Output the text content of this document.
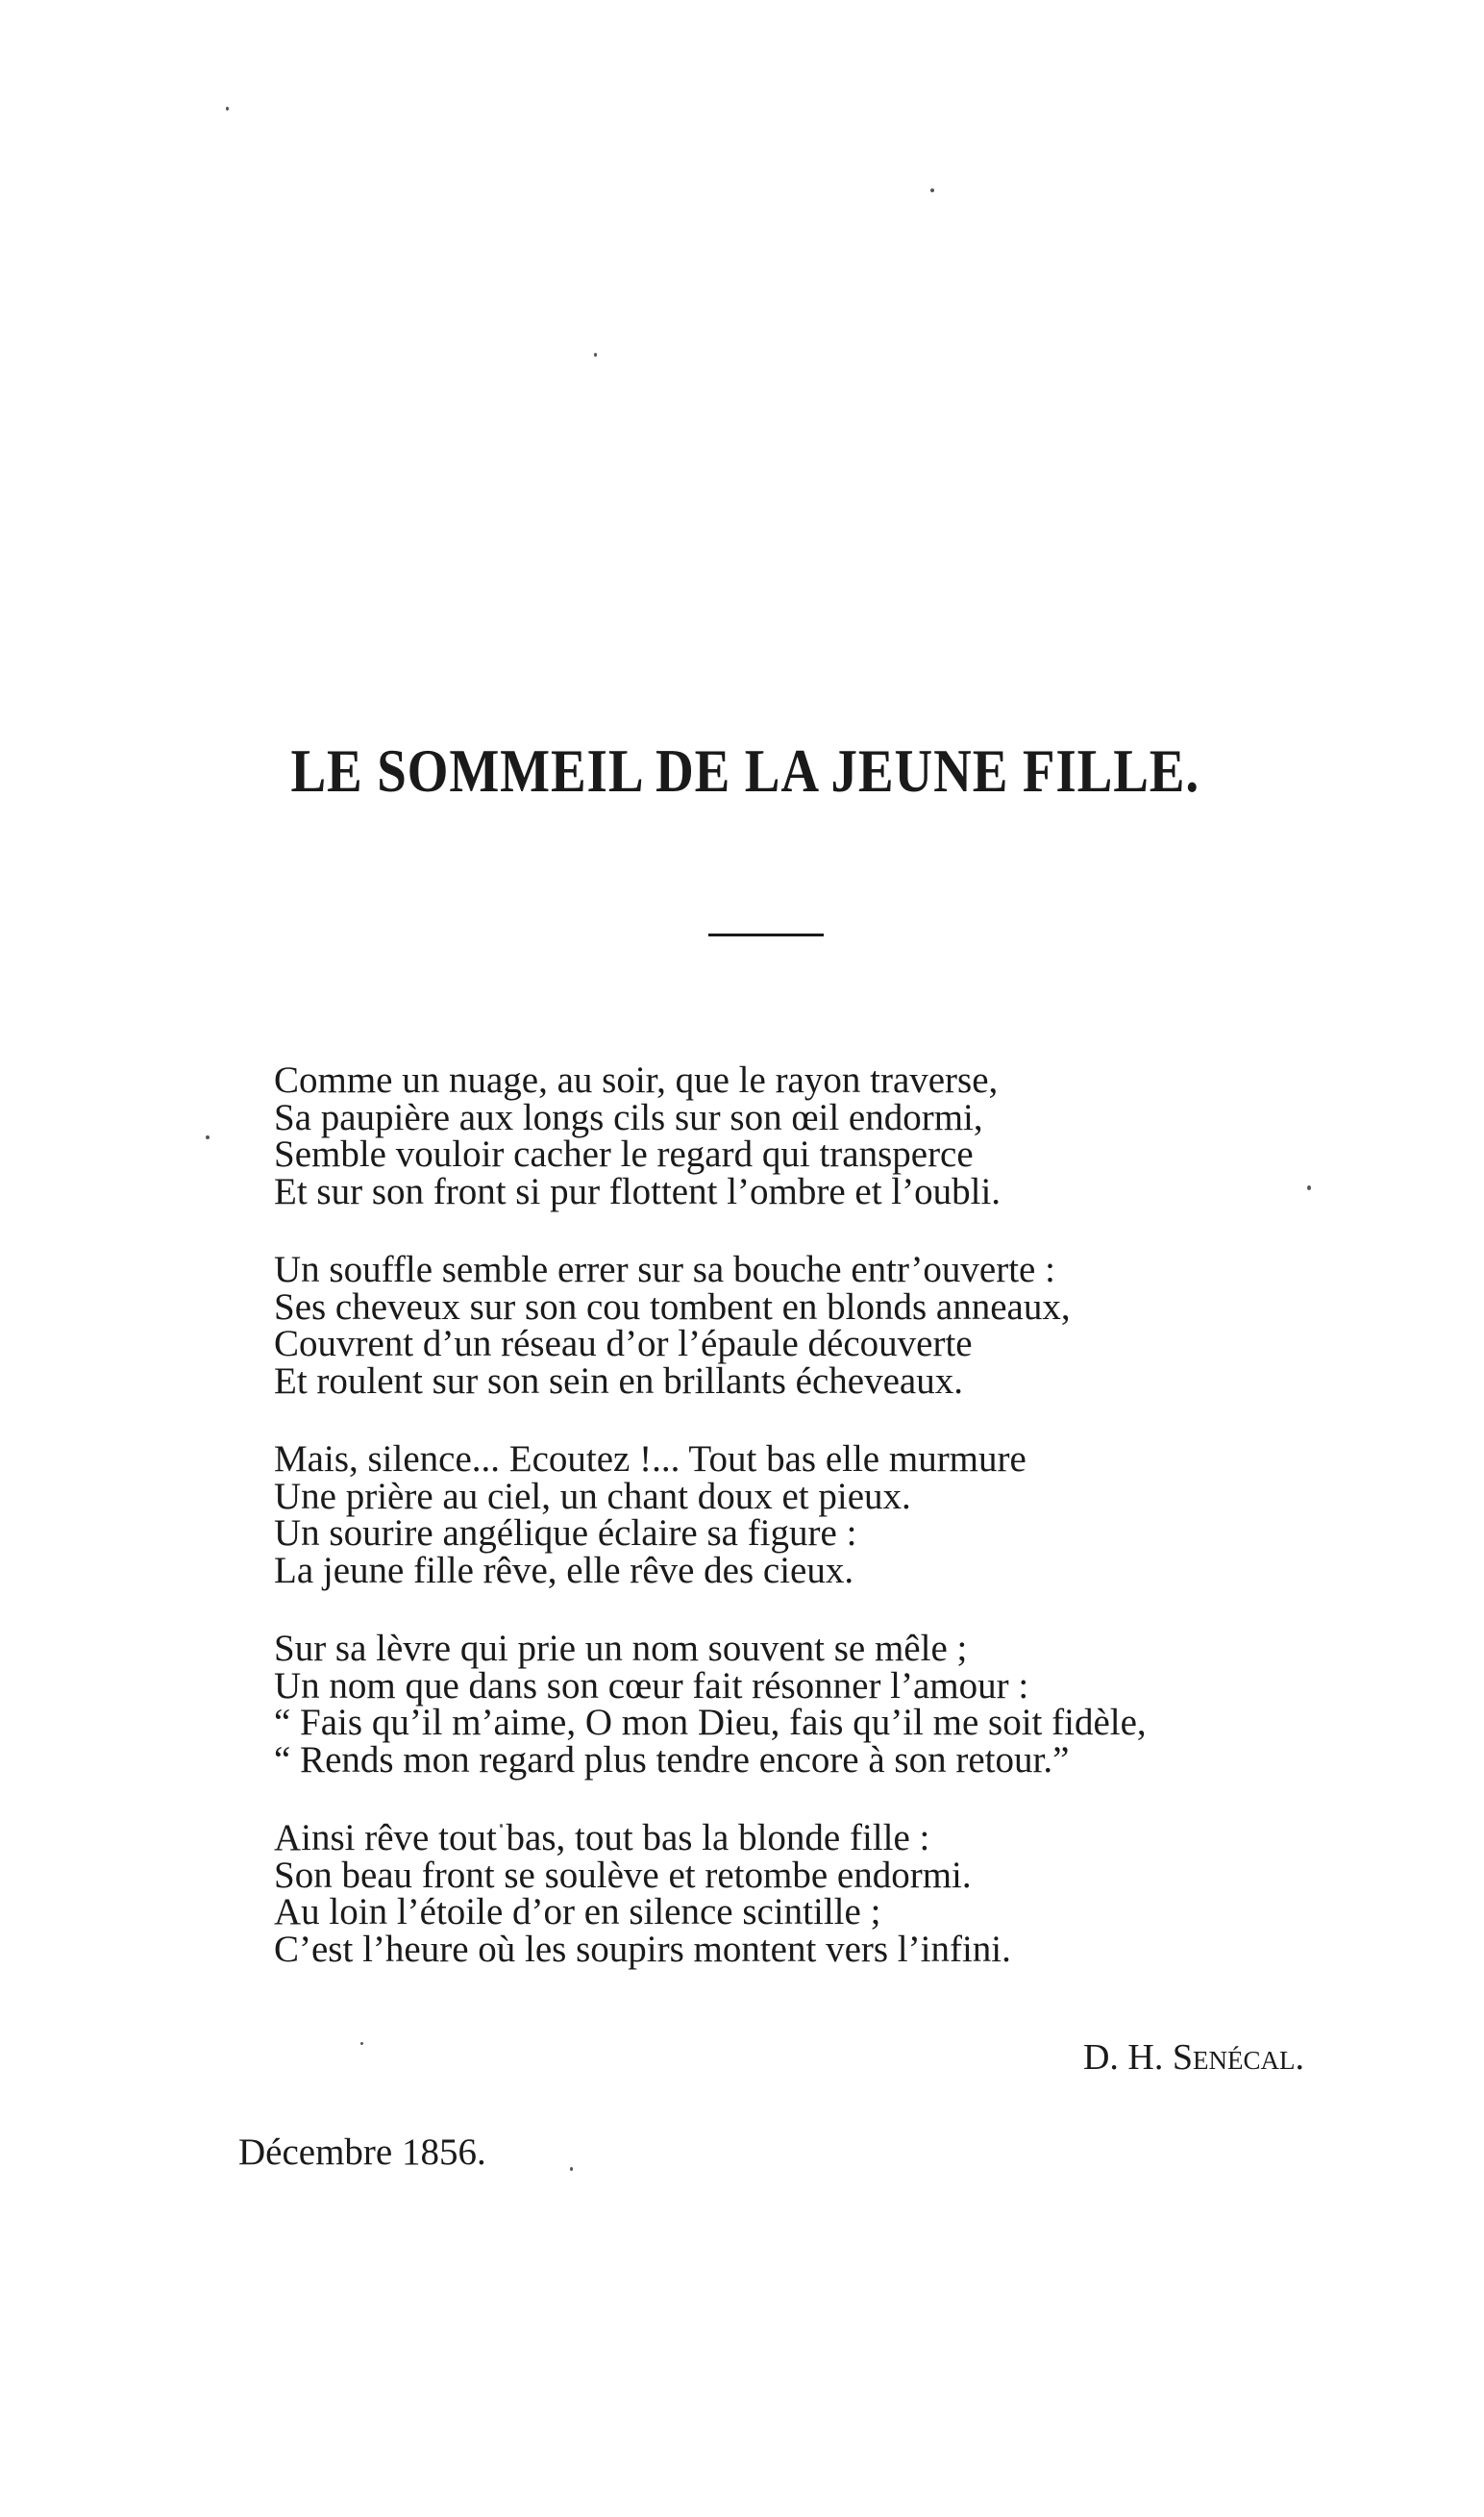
LE SOMMEIL DE LA JEUNE FILLE.
Comme un nuage, au soir, que le rayon traverse,
Sa paupière aux longs cils sur son œil endormi,
Semble vouloir cacher le regard qui transperce
Et sur son front si pur flottent l’ombre et l’oubli.
Un souffle semble errer sur sa bouche entr’ouverte :
Ses cheveux sur son cou tombent en blonds anneaux,
Couvrent d’un réseau d’or l’épaule découverte
Et roulent sur son sein en brillants écheveaux.
Mais, silence... Ecoutez !... Tout bas elle murmure
Une prière au ciel, un chant doux et pieux.
Un sourire angélique éclaire sa figure :
La jeune fille rêve, elle rêve des cieux.
Sur sa lèvre qui prie un nom souvent se mêle ;
Un nom que dans son cœur fait résonner l’amour :
“ Fais qu’il m’aime, O mon Dieu, fais qu’il me soit fidèle,
“ Rends mon regard plus tendre encore à son retour.”
Ainsi rêve tout bas, tout bas la blonde fille :
Son beau front se soulève et retombe endormi.
Au loin l’étoile d’or en silence scintille ;
C’est l’heure où les soupirs montent vers l’infini.
D. H. Senécal.
Décembre 1856.
